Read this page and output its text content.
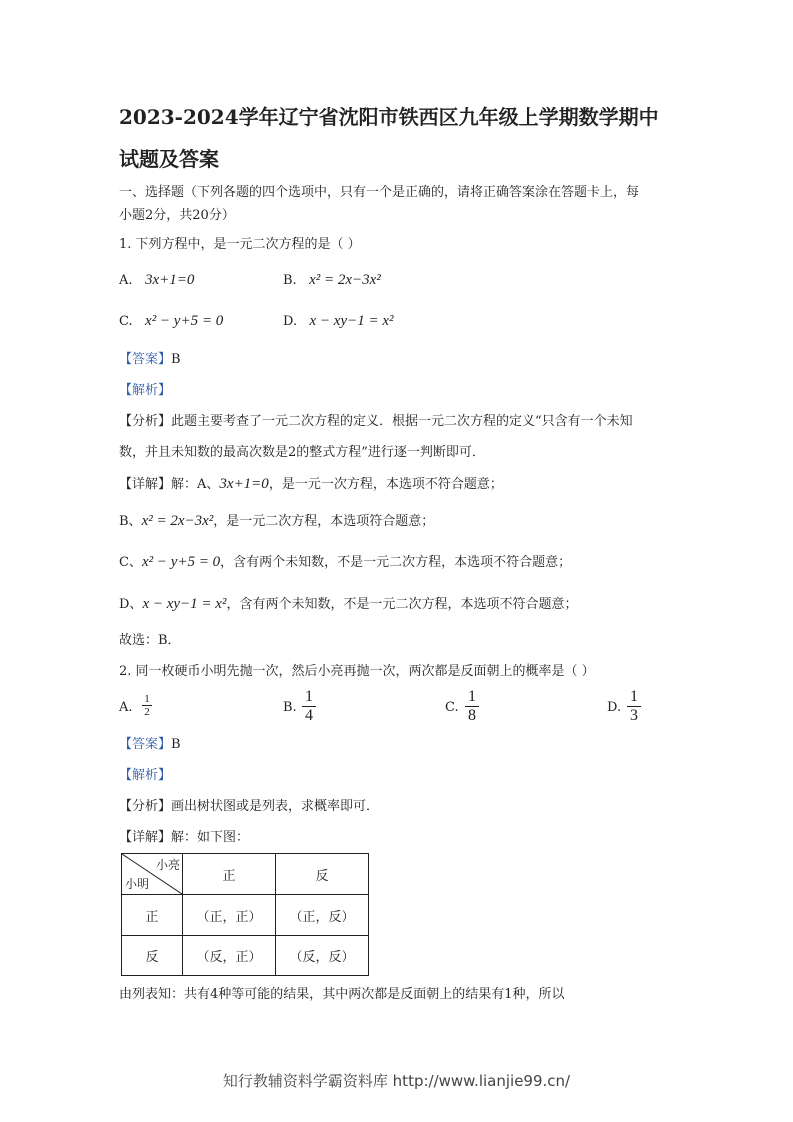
2023-2024学年辽宁省沈阳市铁西区九年级上学期数学期中
试题及答案
一、选择题（下列各题的四个选项中，只有一个是正确的，请将正确答案涂在答题卡上，每
小题2分，共20分）
1. 下列方程中，是一元二次方程的是（ ）
A. 3x+1=0	B. x² = 2x−3x²
C. x² − y+5 = 0	D. x − xy−1 = x²
【答案】B
【解析】
【分析】此题主要考查了一元二次方程的定义．根据一元二次方程的定义“只含有一个未知
数，并且未知数的最高次数是2的整式方程”进行逐一判断即可．
【详解】解：A、3x+1=0，是一元一次方程，本选项不符合题意；
B、x² = 2x−3x²，是一元二次方程，本选项符合题意；
C、x² − y+5 = 0，含有两个未知数，不是一元二次方程，本选项不符合题意；
D、x − xy−1 = x²，含有两个未知数，不是一元二次方程，本选项不符合题意；
故选：B．
2. 同一枚硬币小明先抛一次，然后小亮再抛一次，两次都是反面朝上的概率是（ ）
A.
1
2	B.
1
4	C.
1
8	D.
1
3
【答案】B
【解析】
【分析】画出树状图或是列表，求概率即可．
【详解】解：如下图：
小亮
小明	正	反
正	（正，正）	（正，反）
反	（反，正）	（反，反）
由列表知：共有4种等可能的结果，其中两次都是反面朝上的结果有1种，所以
知行教辅资料学霸资料库 http://www.lianjie99.cn/
